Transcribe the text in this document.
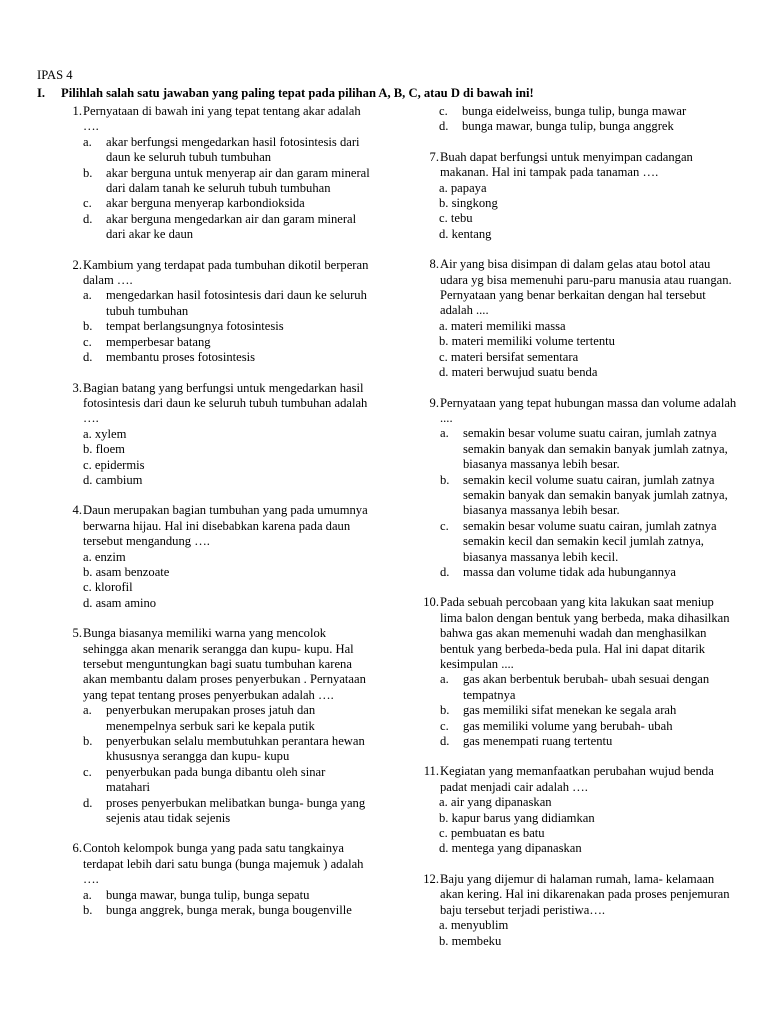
IPAS 4
I. Pilihlah salah satu jawaban yang paling tepat pada pilihan A, B, C, atau D di bawah ini!
1. Pernyataan di bawah ini yang tepat tentang akar adalah ….
a.	akar berfungsi mengedarkan hasil fotosintesis dari daun ke seluruh tubuh tumbuhan
b.	akar berguna untuk menyerap air dan garam mineral dari dalam tanah ke seluruh tubuh tumbuhan
c.	akar berguna menyerap karbondioksida
d.	akar berguna mengedarkan air dan garam mineral dari akar ke daun
2. Kambium yang terdapat pada tumbuhan dikotil berperan dalam ….
a.	mengedarkan hasil fotosintesis dari daun ke seluruh tubuh tumbuhan
b.	tempat berlangsungnya fotosintesis
c.	memperbesar batang
d.	membantu proses fotosintesis
3. Bagian batang yang berfungsi untuk mengedarkan hasil fotosintesis dari daun ke seluruh tubuh tumbuhan adalah ….
a. xylem
b. floem
c. epidermis
d. cambium
4. Daun merupakan bagian tumbuhan yang pada umumnya berwarna hijau. Hal ini disebabkan karena pada daun tersebut mengandung ….
a. enzim
b. asam benzoate
c. klorofil
d. asam amino
5. Bunga biasanya memiliki warna yang mencolok sehingga akan menarik serangga dan kupu- kupu. Hal tersebut menguntungkan bagi suatu tumbuhan karena akan membantu dalam proses penyerbukan . Pernyataan yang tepat tentang proses penyerbukan adalah ….
a.	penyerbukan merupakan proses jatuh dan menempelnya serbuk sari ke kepala putik
b.	penyerbukan selalu membutuhkan perantara hewan khususnya serangga dan kupu- kupu
c.	penyerbukan pada bunga dibantu oleh sinar matahari
d.	proses penyerbukan melibatkan bunga- bunga yang sejenis atau tidak sejenis
6. Contoh kelompok bunga yang pada satu tangkainya terdapat lebih dari satu bunga (bunga majemuk ) adalah ….
a.	bunga mawar, bunga tulip, bunga sepatu
b.	bunga anggrek, bunga merak, bunga bougenville
c.	bunga eidelweiss, bunga tulip, bunga mawar
d.	bunga mawar, bunga tulip, bunga anggrek
7. Buah dapat berfungsi untuk menyimpan cadangan makanan. Hal ini tampak pada tanaman ….
a. papaya
b. singkong
c. tebu
d. kentang
8. Air yang bisa disimpan di dalam gelas atau botol atau udara yg bisa memenuhi paru-paru manusia atau ruangan. Pernyataan yang benar berkaitan dengan hal tersebut adalah ....
a. materi memiliki massa
b. materi memiliki volume tertentu
c. materi bersifat sementara
d. materi berwujud suatu benda
9. Pernyataan yang tepat hubungan massa dan volume adalah ....
a.	semakin besar volume suatu cairan, jumlah zatnya semakin banyak dan semakin banyak jumlah zatnya, biasanya massanya lebih besar.
b.	semakin kecil volume suatu cairan, jumlah zatnya semakin banyak dan semakin banyak jumlah zatnya, biasanya massanya lebih besar.
c.	semakin besar volume suatu cairan, jumlah zatnya semakin kecil dan semakin kecil jumlah zatnya, biasanya massanya lebih kecil.
d.	massa dan volume tidak ada hubungannya
10. Pada sebuah percobaan yang kita lakukan saat meniup lima balon dengan bentuk yang berbeda, maka dihasilkan bahwa gas akan memenuhi wadah dan menghasilkan bentuk yang berbeda-beda pula. Hal ini dapat ditarik kesimpulan ....
a.	gas akan berbentuk berubah- ubah sesuai dengan tempatnya
b.	gas memiliki sifat menekan ke segala arah
c.	gas memiliki volume yang berubah- ubah
d.	gas menempati ruang tertentu
11. Kegiatan yang memanfaatkan perubahan wujud benda padat menjadi cair adalah ….
a. air yang dipanaskan
b. kapur barus yang didiamkan
c. pembuatan es batu
d. mentega yang dipanaskan
12. Baju yang dijemur di halaman rumah, lama- kelamaan akan kering. Hal ini dikarenakan pada proses penjemuran baju tersebut terjadi peristiwa….
a. menyublim
b. membeku
